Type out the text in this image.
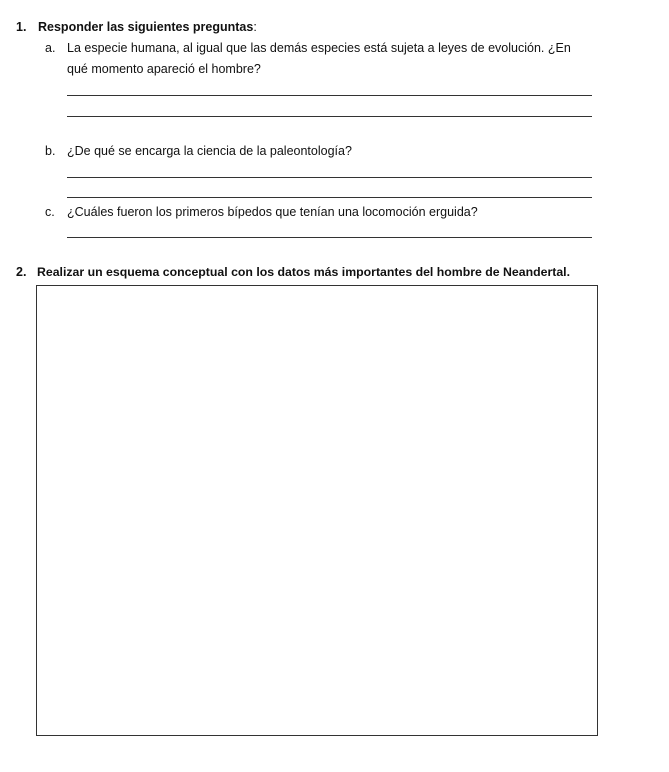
1. Responder las siguientes preguntas:
a. La especie humana, al igual que las demás especies está sujeta a leyes de evolución. ¿En
qué momento apareció el hombre?
b. ¿De qué se encarga la ciencia de la paleontología?
c. ¿Cuáles fueron los primeros bípedos que tenían una locomoción erguida?
2. Realizar un esquema conceptual con los datos más importantes del hombre de Neandertal.
